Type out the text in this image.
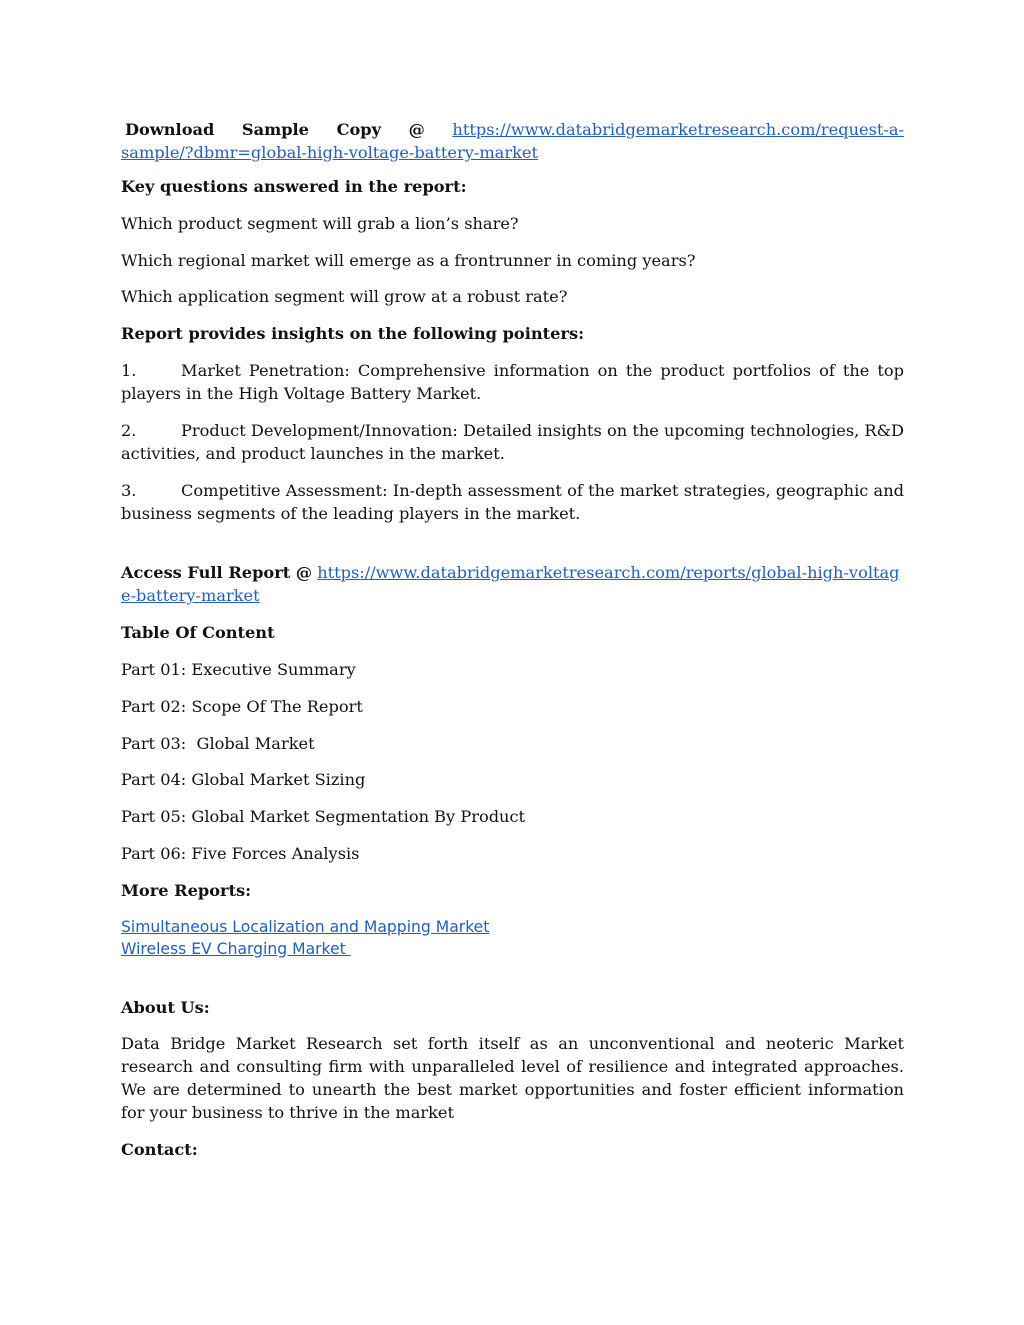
Download Sample Copy @ https://www.databridgemarketresearch.com/request-a-
sample/?dbmr=global-high-voltage-battery-market

Key questions answered in the report:

Which product segment will grab a lion’s share?

Which regional market will emerge as a frontrunner in coming years?

Which application segment will grow at a robust rate?

Report provides insights on the following pointers:

1.	Market Penetration: Comprehensive information on the product portfolios of the top players in the High Voltage Battery Market.

2.	Product Development/Innovation: Detailed insights on the upcoming technologies, R&D activities, and product launches in the market.

3.	Competitive Assessment: In-depth assessment of the market strategies, geographic and business segments of the leading players in the market.

Access Full Report @ https://www.databridgemarketresearch.com/reports/global-high-voltage-battery-market

Table Of Content

Part 01: Executive Summary

Part 02: Scope Of The Report

Part 03:  Global Market

Part 04: Global Market Sizing

Part 05: Global Market Segmentation By Product

Part 06: Five Forces Analysis

More Reports:

Simultaneous Localization and Mapping Market
Wireless EV Charging Market

About Us:

Data Bridge Market Research set forth itself as an unconventional and neoteric Market research and consulting firm with unparalleled level of resilience and integrated approaches. We are determined to unearth the best market opportunities and foster efficient information for your business to thrive in the market

Contact:
